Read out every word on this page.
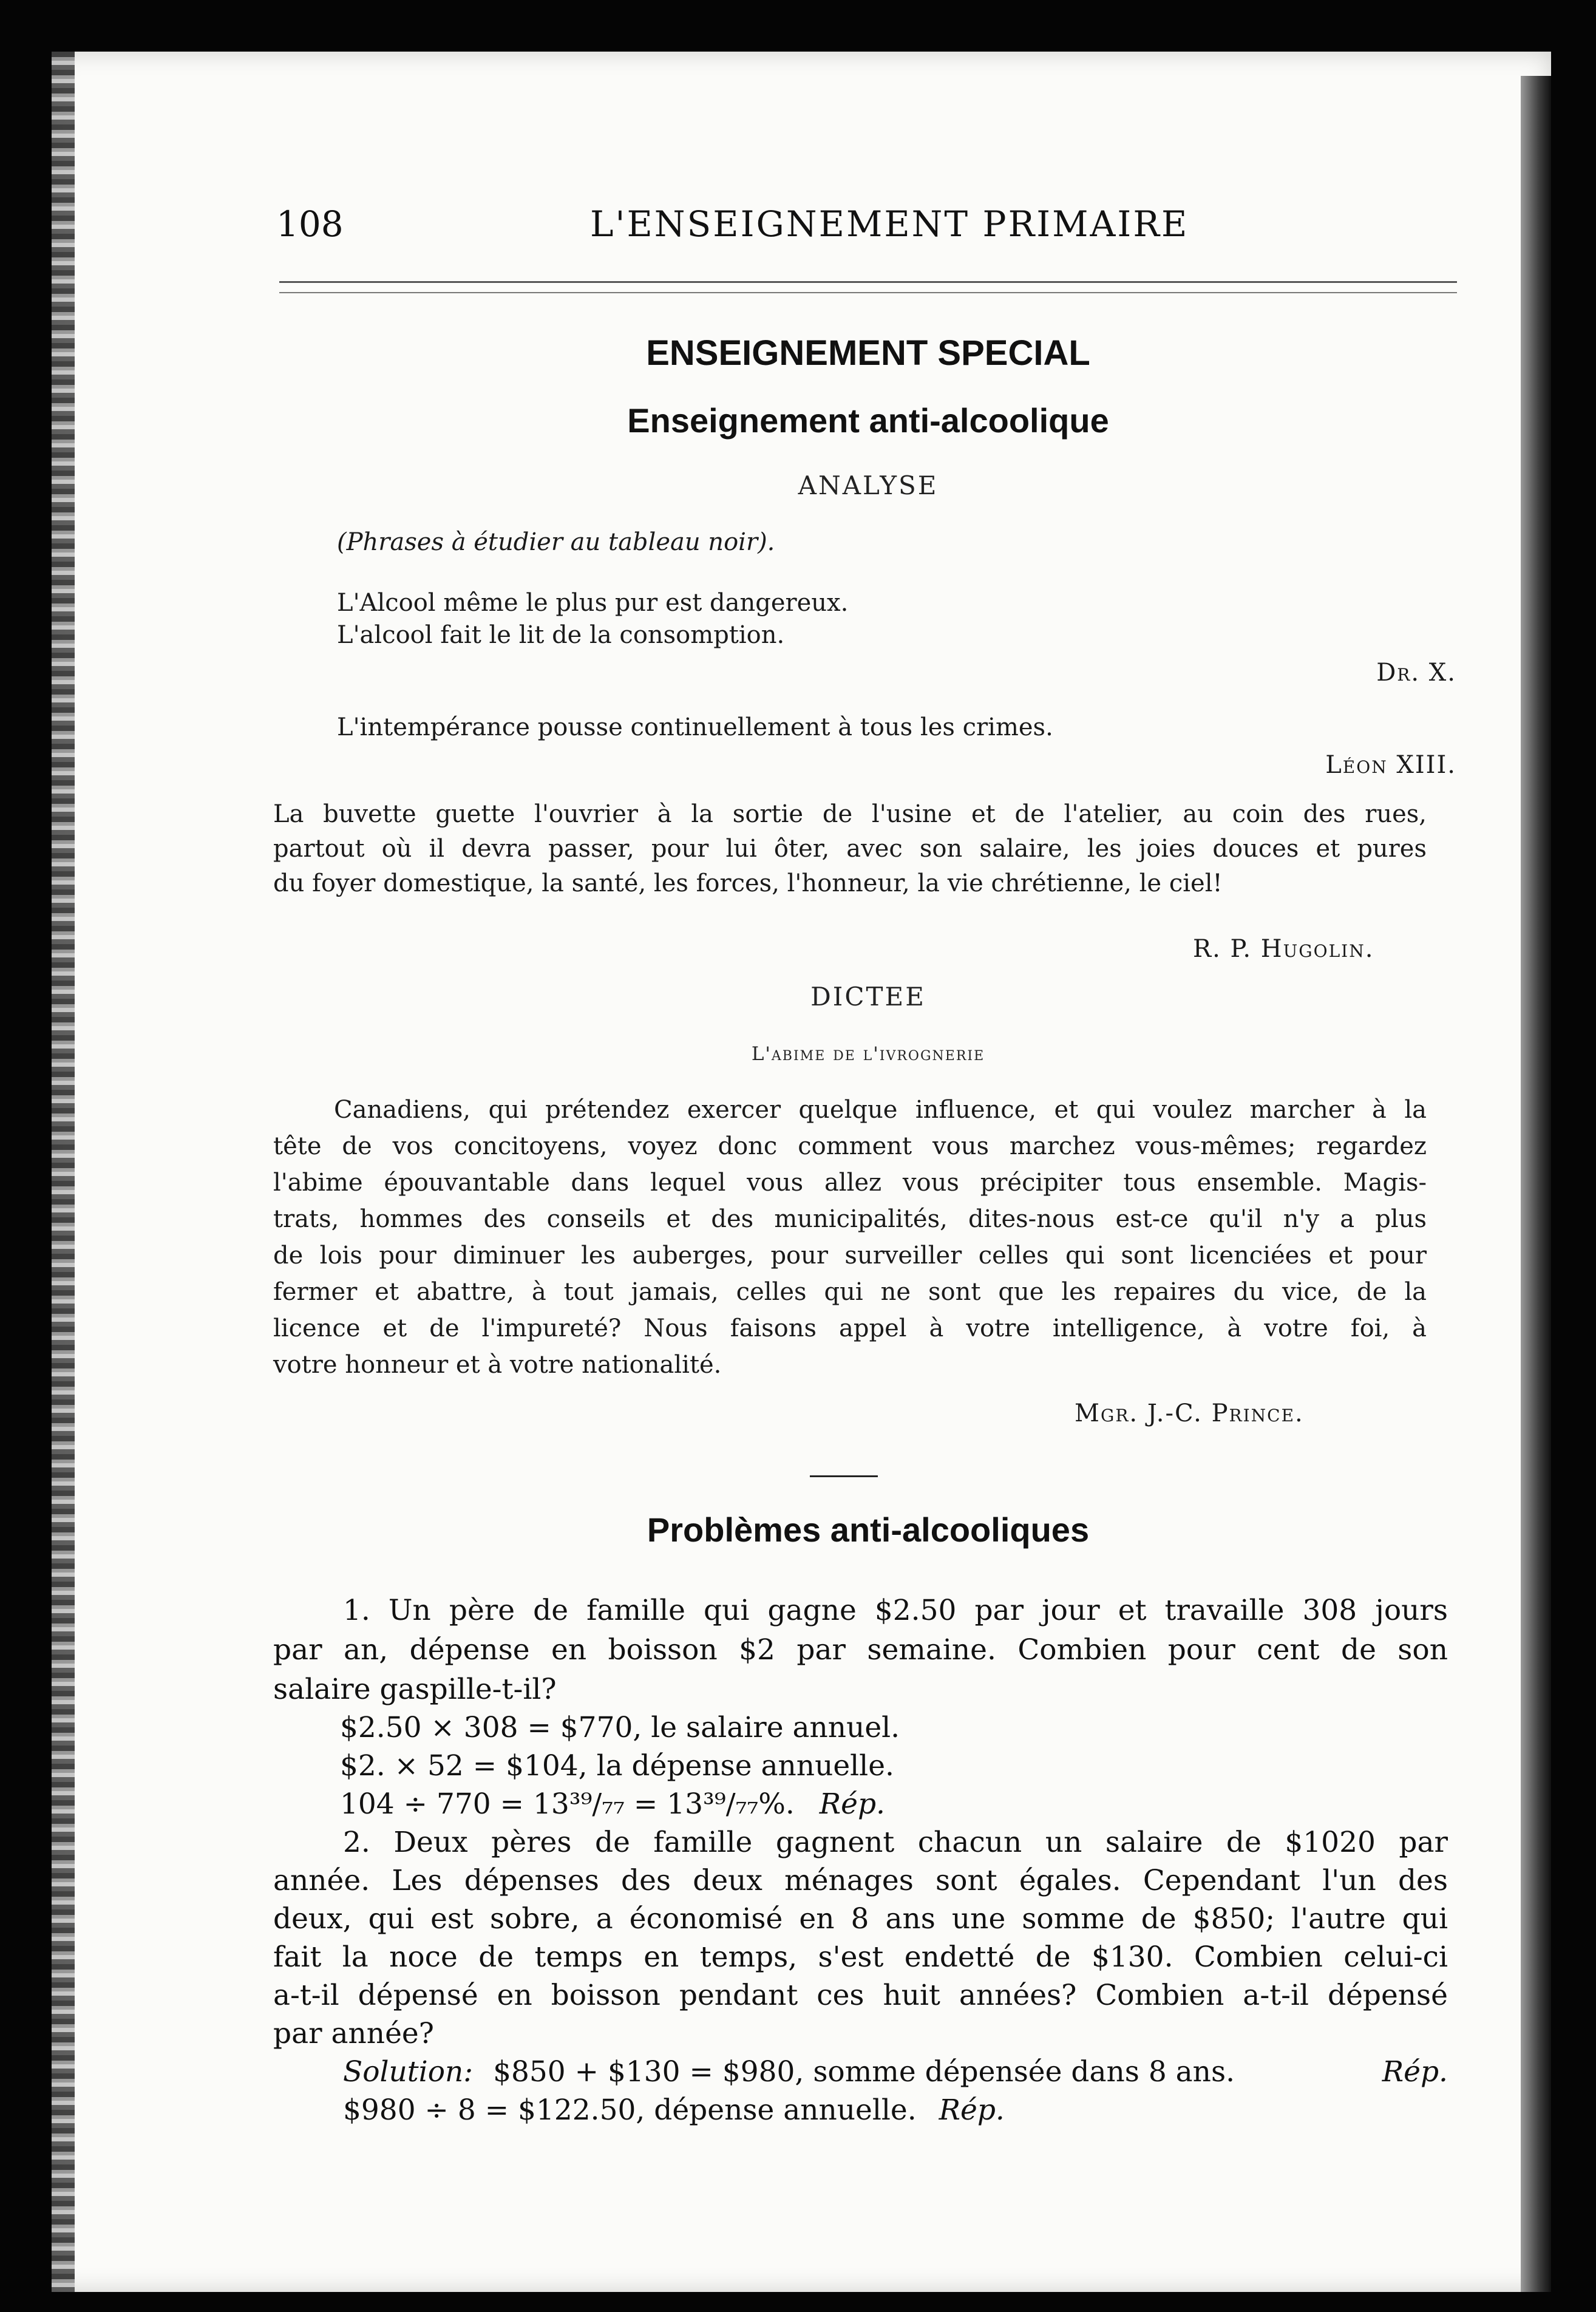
108	L'ENSEIGNEMENT PRIMAIRE
ENSEIGNEMENT SPECIAL
Enseignement anti-alcoolique
ANALYSE
(Phrases à étudier au tableau noir).
L'Alcool même le plus pur est dangereux.
L'alcool fait le lit de la consomption.
Dr. X.
L'intempérance pousse continuellement à tous les crimes.
Léon XIII.
La buvette guette l'ouvrier à la sortie de l'usine et de l'atelier, au coin des rues,
partout où il devra passer, pour lui ôter, avec son salaire, les joies douces et pures
du foyer domestique, la santé, les forces, l'honneur, la vie chrétienne, le ciel!
R. P. Hugolin.
DICTEE
L'abime de l'ivrognerie
Canadiens, qui prétendez exercer quelque influence, et qui voulez marcher à la
tête de vos concitoyens, voyez donc comment vous marchez vous-mêmes; regardez
l'abime épouvantable dans lequel vous allez vous précipiter tous ensemble. Magis-
trats, hommes des conseils et des municipalités, dites-nous est-ce qu'il n'y a plus
de lois pour diminuer les auberges, pour surveiller celles qui sont licenciées et pour
fermer et abattre, à tout jamais, celles qui ne sont que les repaires du vice, de la
licence et de l'impureté? Nous faisons appel à votre intelligence, à votre foi, à
votre honneur et à votre nationalité.
Mgr. J.-C. Prince.
Problèmes anti-alcooliques
1. Un père de famille qui gagne $2.50 par jour et travaille 308 jours
par an, dépense en boisson $2 par semaine. Combien pour cent de son
salaire gaspille-t-il?
$2.50 × 308 = $770, le salaire annuel.
$2. × 52 = $104, la dépense annuelle.
104 ÷ 770 = 13³⁹/₇₇ = 13³⁹/₇₇%. Rép.
2. Deux pères de famille gagnent chacun un salaire de $1020 par
année. Les dépenses des deux ménages sont égales. Cependant l'un des
deux, qui est sobre, a économisé en 8 ans une somme de $850; l'autre qui
fait la noce de temps en temps, s'est endetté de $130. Combien celui-ci
a-t-il dépensé en boisson pendant ces huit années? Combien a-t-il dépensé
par année?
Solution: $850 + $130 = $980, somme dépensée dans 8 ans.	Rép.
$980 ÷ 8 = $122.50, dépense annuelle. Rép.
